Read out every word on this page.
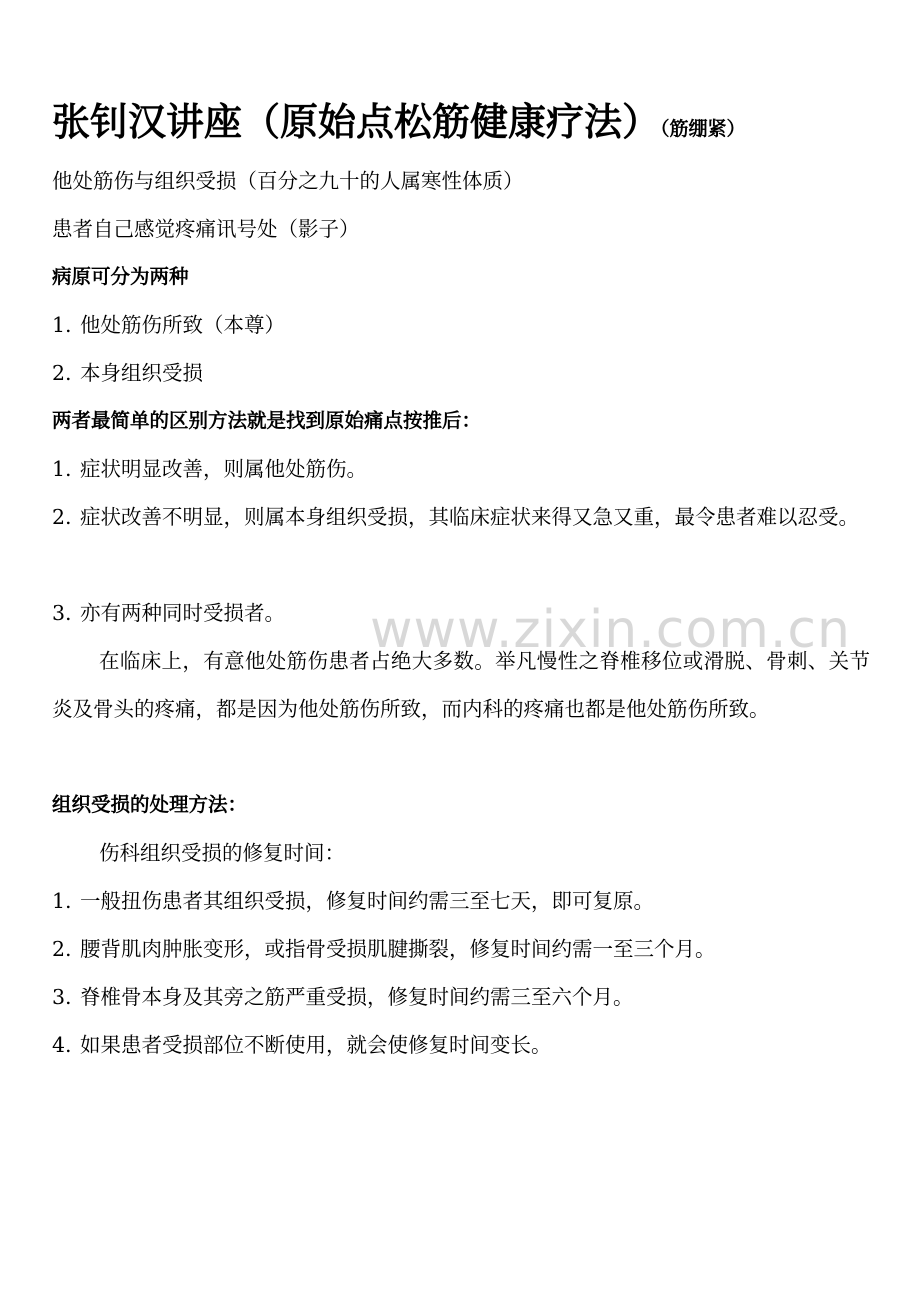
张钊汉讲座（原始点松筋健康疗法）（筋绷紧）
他处筋伤与组织受损（百分之九十的人属寒性体质）
患者自己感觉疼痛讯号处（影子）
病原可分为两种
1. 他处筋伤所致（本尊）
2. 本身组织受损
两者最简单的区别方法就是找到原始痛点按推后：
1. 症状明显改善，则属他处筋伤。
2. 症状改善不明显，则属本身组织受损，其临床症状来得又急又重，最令患者难以忍受。
3. 亦有两种同时受损者。
在临床上，有意他处筋伤患者占绝大多数。举凡慢性之脊椎移位或滑脱、骨刺、关节炎及骨头的疼痛，都是因为他处筋伤所致，而内科的疼痛也都是他处筋伤所致。
组织受损的处理方法：
伤科组织受损的修复时间：
1. 一般扭伤患者其组织受损，修复时间约需三至七天，即可复原。
2. 腰背肌肉肿胀变形，或指骨受损肌腱撕裂，修复时间约需一至三个月。
3. 脊椎骨本身及其旁之筋严重受损，修复时间约需三至六个月。
4. 如果患者受损部位不断使用，就会使修复时间变长。
www.zixin.com.cn
